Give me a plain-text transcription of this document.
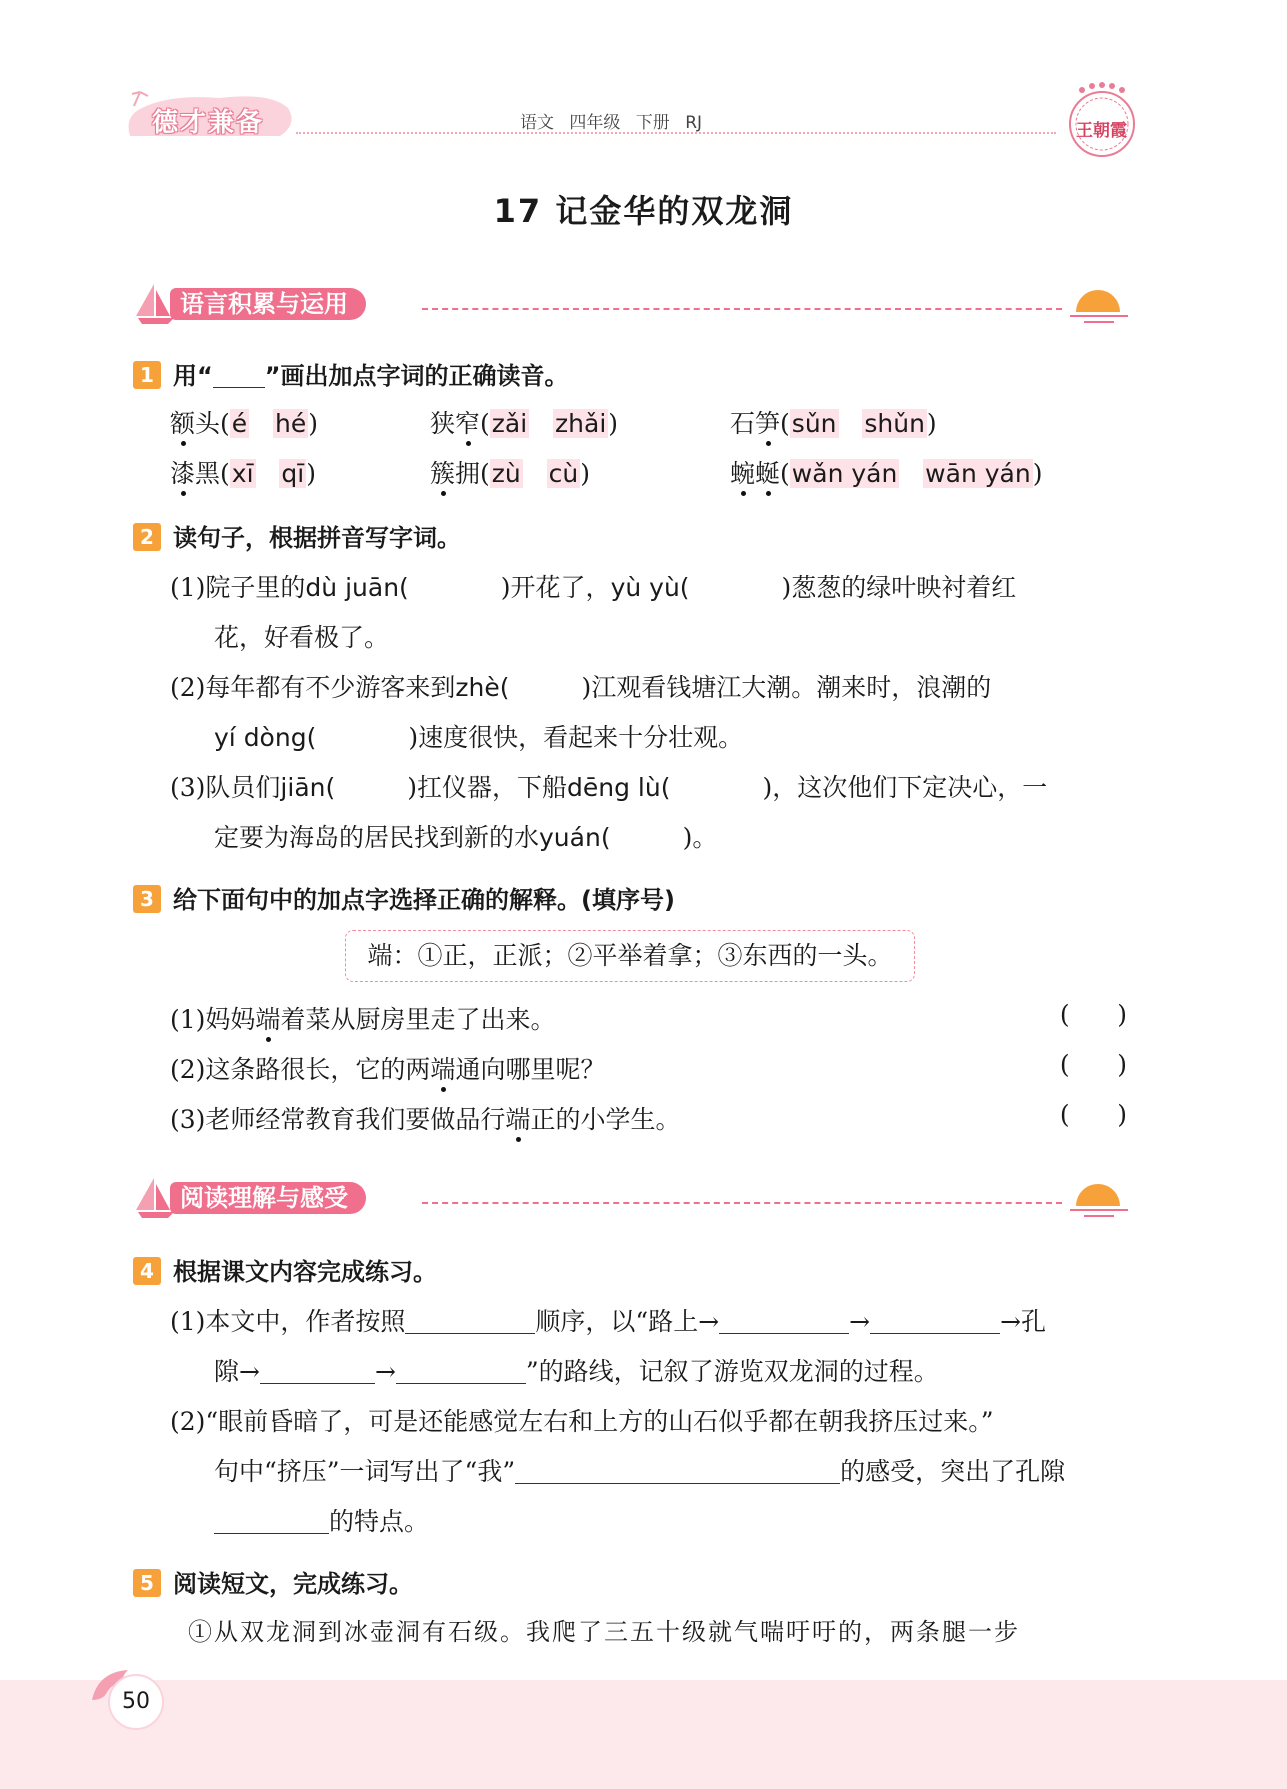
德才兼备	语文 四年级 下册 RJ	王朝霞
17 记金华的双龙洞
语言积累与运用
1 用“ ”画出加点字词的正确读音。
额头(é hé)	狭窄(zǎi zhǎi)	石笋(sǔn shǔn)
漆黑(xī qī)	簇拥(zù cù)	蜿蜒(wǎn yán wān yán)
2 读句子，根据拼音写字词。
(1)院子里的dù juān(	)开花了，yù yù(	)葱葱的绿叶映衬着红
花，好看极了。
(2)每年都有不少游客来到zhè(	)江观看钱塘江大潮。潮来时，浪潮的
yí dòng(	)速度很快，看起来十分壮观。
(3)队员们jiān(	)扛仪器，下船dēng lù(	)，这次他们下定决心，一
定要为海岛的居民找到新的水yuán(	)。
3 给下面句中的加点字选择正确的解释。(填序号)
端：①正，正派；②平举着拿；③东西的一头。
(1)妈妈端着菜从厨房里走了出来。	(      )
(2)这条路很长，它的两端通向哪里呢？	(      )
(3)老师经常教育我们要做品行端正的小学生。	(      )
阅读理解与感受
4 根据课文内容完成练习。
(1)本文中，作者按照	顺序，以“路上→	→	→孔
隙→	→	”的路线，记叙了游览双龙洞的过程。
(2)“眼前昏暗了，可是还能感觉左右和上方的山石似乎都在朝我挤压过来。”
句中“挤压”一词写出了“我”	的感受，突出了孔隙
的特点。
5 阅读短文，完成练习。
①从双龙洞到冰壶洞有石级。我爬了三五十级就气喘吁吁的，两条腿一步
50
